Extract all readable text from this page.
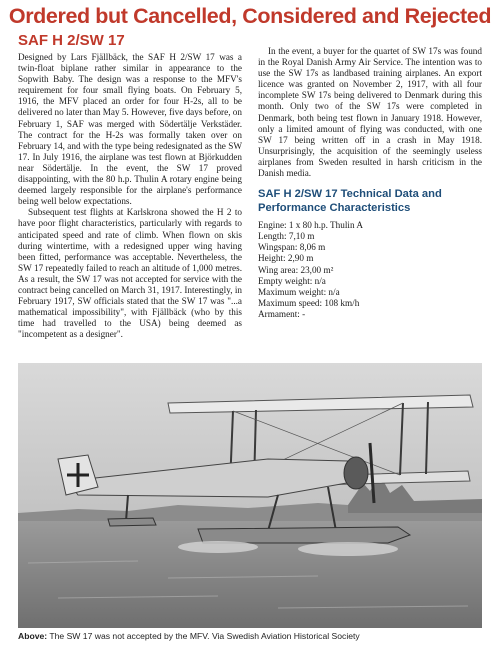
Ordered but Cancelled, Considered and Rejected
SAF H 2/SW 17

Designed by Lars Fjällbäck, the SAF H 2/SW 17 was a twin-float biplane rather similar in appearance to the Sopwith Baby. The design was a response to the MFV's requirement for four small flying boats. On February 5, 1916, the MFV placed an order for four H-2s, all to be delivered no later than May 5. However, five days before, on February 1, SAF was merged with Södertälje Verkstäder. The contract for the H-2s was formally taken over on February 14, and with the type being redesignated as the SW 17. In July 1916, the airplane was test flown at Björkudden near Södertälje. In the event, the SW 17 proved disappointing, with the 80 h.p. Thulin A rotary engine being deemed largely responsible for the airplane's performance being well below expectations.

Subsequent test flights at Karlskrona showed the H 2 to have poor flight characteristics, particularly with regards to anticipated speed and rate of climb. When flown on skis during wintertime, with a redesigned upper wing having been fitted, performance was acceptable. Nevertheless, the SW 17 repeatedly failed to reach an altitude of 1,000 metres. As a result, the SW 17 was not accepted for service with the contract being cancelled on March 31, 1917. Interestingly, in February 1917, SW officials stated that the SW 17 was "...a mathematical impossibility", with Fjällbäck (who by this time had travelled to the USA) being deemed as "incompetent as a designer".

In the event, a buyer for the quartet of SW 17s was found in the Royal Danish Army Air Service. The intention was to use the SW 17s as landbased training airplanes. An export licence was granted on November 2, 1917, with all four incomplete SW 17s being delivered to Denmark during this month. Only two of the SW 17s were completed in Denmark, both being test flown in January 1918. However, only a limited amount of flying was conducted, with one SW 17 being written off in a crash in May 1918. Unsurprisingly, the acquisition of the seemingly useless airplanes from Sweden resulted in harsh criticism in the Danish media.

SAF H 2/SW 17 Technical Data and Performance Characteristics
Engine: 1 x 80 h.p. Thulin A
Length: 7,10 m
Wingspan: 8,06 m
Height: 2,90 m
Wing area: 23,00 m²
Empty weight: n/a
Maximum weight: n/a
Maximum speed: 108 km/h
Armament: -
Above: The SW 17 was not accepted by the MFV. Via Swedish Aviation Historical Society
